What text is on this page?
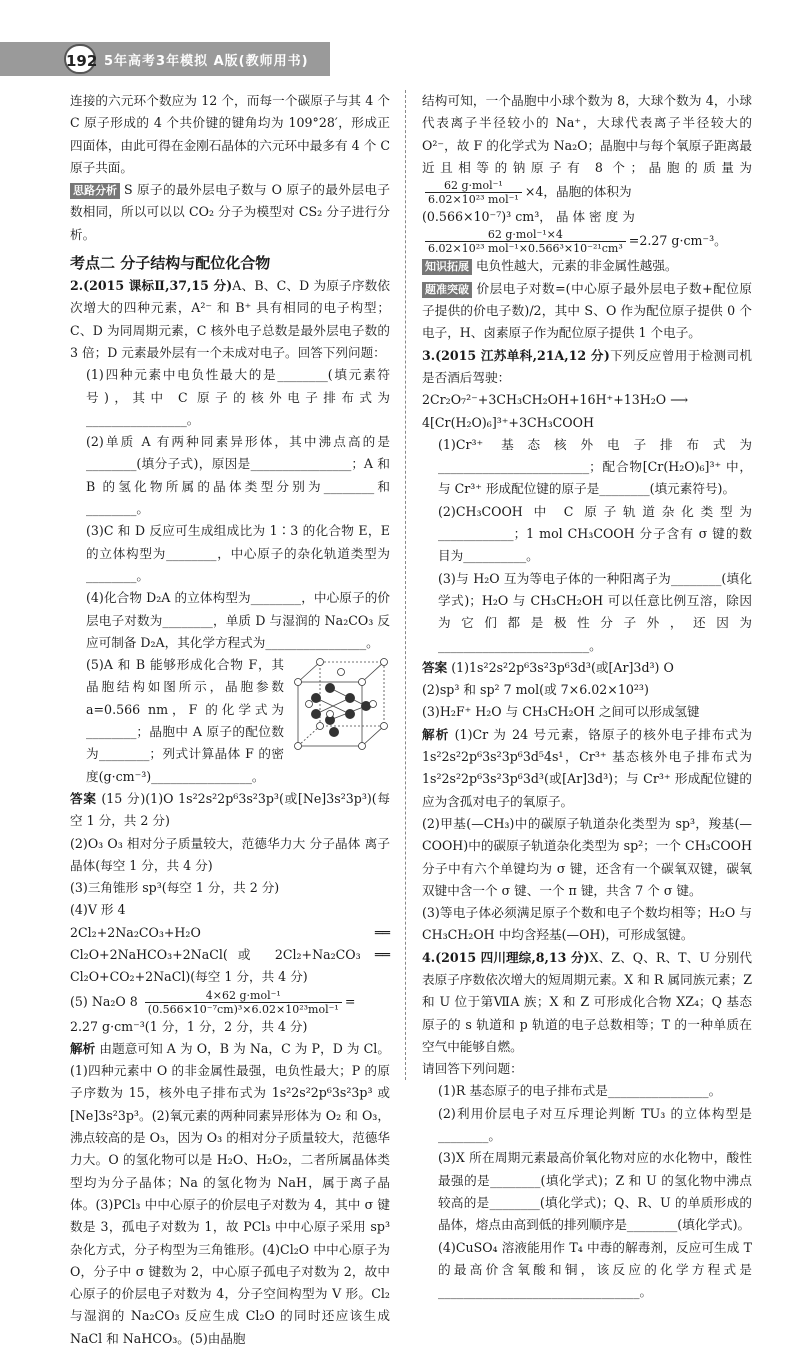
192 5年高考3年模拟 A版(教师用书)

连接的六元环个数应为 12 个，而每一个碳原子与其 4 个 C 原子形成的 4 个共价键的键角均为 109°28′，形成正四面体，由此可得在金刚石晶体的六元环中最多有 4 个 C 原子共面。

思路分析 S 原子的最外层电子数与 O 原子的最外层电子数相同，所以可以以 CO₂ 分子为模型对 CS₂ 分子进行分析。

考点二 分子结构与配位化合物

2.(2015 课标Ⅱ,37,15 分)A、B、C、D 为原子序数依次增大的四种元素，A²⁻ 和 B⁺ 具有相同的电子构型；C、D 为同周期元素，C 核外电子总数是最外层电子数的 3 倍；D 元素最外层有一个未成对电子。回答下列问题：

(1)四种元素中电负性最大的是________(填元素符号)，其中 C 原子的核外电子排布式为________________。

(2)单质 A 有两种同素异形体，其中沸点高的是________(填分子式)，原因是________________；A 和 B 的氢化物所属的晶体类型分别为________和________。

(3)C 和 D 反应可生成组成比为 1∶3 的化合物 E，E 的立体构型为________，中心原子的杂化轨道类型为________。

(4)化合物 D₂A 的立体构型为________，中心原子的价层电子对数为________，单质 D 与湿润的 Na₂CO₃ 反应可制备 D₂A，其化学方程式为________________。

(5)A 和 B 能够形成化合物 F，其晶胞结构如图所示，晶胞参数 a=0.566 nm，F 的化学式为________；晶胞中 A 原子的配位数为________；列式计算晶体 F 的密度(g·cm⁻³)________________。

答案 (15 分)(1)O 1s²2s²2p⁶3s²3p³(或[Ne]3s²3p³)(每空 1 分，共 2 分)

(2)O₃ O₃ 相对分子质量较大，范德华力大 分子晶体 离子晶体(每空 1 分，共 4 分)

(3)三角锥形 sp³(每空 1 分，共 2 分)

(4)V 形 4

2Cl₂+2Na₂CO₃+H₂O ══ Cl₂O+2NaHCO₃+2NaCl(或 2Cl₂+Na₂CO₃ ══ Cl₂O+CO₂+2NaCl)(每空 1 分，共 4 分)

(5) Na₂O $8 \frac{\text{4×62 g·mol⁻¹}}{\text{(0.566×10⁻⁷cm)³×6.02×10²³mol⁻¹}}$ =

2.27 g·cm⁻³(1 分，1 分，2 分，共 4 分)

解析 由题意可知 A 为 O，B 为 Na，C 为 P，D 为 Cl。(1)四种元素中 O 的非金属性最强，电负性最大；P 的原子序数为 15，核外电子排布式为 1s²2s²2p⁶3s²3p³ 或[Ne]3s²3p³。(2)氧元素的两种同素异形体为 O₂ 和 O₃，沸点较高的是 O₃，因为 O₃ 的相对分子质量较大，范德华力大。O 的氢化物可以是 H₂O、H₂O₂，二者所属晶体类型均为分子晶体；Na 的氢化物为 NaH，属于离子晶体。(3)PCl₃ 中中心原子的价层电子对数为 4，其中 σ 键数是 3，孤电子对数为 1，故 PCl₃ 中中心原子采用 sp³ 杂化方式，分子构型为三角锥形。(4)Cl₂O 中中心原子为 O，分子中 σ 键数为 2，中心原子孤电子对数为 2，故中心原子的价层电子对数为 4，分子空间构型为 V 形。Cl₂ 与湿润的 Na₂CO₃ 反应生成 Cl₂O 的同时还应该生成 NaCl 和 NaHCO₃。(5)由晶胞

结构可知，一个晶胞中小球个数为 8，大球个数为 4，小球代表离子半径较小的 Na⁺，大球代表离子半径较大的 O²⁻，故 F 的化学式为 Na₂O；晶胞中与每个氧原子距离最近且相等的钠原子有 8 个；晶胞的质量为
$\frac{\text{62 g·mol⁻¹}}{\text{6.02×10²³ mol⁻¹}} \times 4$，晶胞的体积为

(0.566×10⁻⁷)³ cm³， 晶 体 密 度 为

$\frac{\text{62 g·mol⁻¹×4}}{\text{6.02×10²³ mol⁻¹×0.566³×10⁻²¹cm³}} =2.27$ g·cm⁻³。

知识拓展 电负性越大，元素的非金属性越强。

题准突破 价层电子对数=(中心原子最外层电子数+配位原子提供的价电子数)/2，其中 S、O 作为配位原子提供 0 个电子，H、卤素原子作为配位原子提供 1 个电子。

3.(2015 江苏单科,21A,12 分)下列反应曾用于检测司机是否酒后驾驶：

2Cr₂O₇²⁻+3CH₃CH₂OH+16H⁺+13H₂O ⟶

4[Cr(H₂O)₆]³⁺+3CH₃COOH

(1)Cr³⁺ 基态核外电子排布式为________________________；配合物[Cr(H₂O)₆]³⁺ 中，与 Cr³⁺ 形成配位键的原子是________(填元素符号)。

(2)CH₃COOH 中 C 原子轨道杂化类型为____________；1 mol CH₃COOH 分子含有 σ 键的数目为__________。

(3)与 H₂O 互为等电子体的一种阳离子为________(填化学式)；H₂O 与 CH₃CH₂OH 可以任意比例互溶，除因为它们都是极性分子外，还因为________________________。

答案 (1)1s²2s²2p⁶3s²3p⁶3d³(或[Ar]3d³) O

(2)sp³ 和 sp² 7 mol(或 7×6.02×10²³)

(3)H₂F⁺ H₂O 与 CH₃CH₂OH 之间可以形成氢键

解析 (1)Cr 为 24 号元素，铬原子的核外电子排布式为 1s²2s²2p⁶3s²3p⁶3d⁵4s¹，Cr³⁺ 基态核外电子排布式为 1s²2s²2p⁶3s²3p⁶3d³(或[Ar]3d³)；与 Cr³⁺ 形成配位键的应为含孤对电子的氧原子。

(2)甲基(—CH₃)中的碳原子轨道杂化类型为 sp³，羧基(—COOH)中的碳原子轨道杂化类型为 sp²；一个 CH₃COOH 分子中有六个单键均为 σ 键，还含有一个碳氧双键，碳氧双键中含一个 σ 键、一个 π 键，共含 7 个 σ 键。

(3)等电子体必须满足原子个数和电子个数均相等；H₂O 与 CH₃CH₂OH 中均含羟基(—OH)，可形成氢键。

4.(2015 四川理综,8,13 分)X、Z、Q、R、T、U 分别代表原子序数依次增大的短周期元素。X 和 R 属同族元素；Z 和 U 位于第ⅦA 族；X 和 Z 可形成化合物 XZ₄；Q 基态原子的 s 轨道和 p 轨道的电子总数相等；T 的一种单质在空气中能够自燃。

请回答下列问题：

(1)R 基态原子的电子排布式是________________。

(2)利用价层电子对互斥理论判断 TU₃ 的立体构型是________。

(3)X 所在周期元素最高价氧化物对应的水化物中，酸性最强的是________(填化学式)；Z 和 U 的氢化物中沸点较高的是________(填化学式)；Q、R、U 的单质形成的晶体，熔点由高到低的排列顺序是________(填化学式)。

(4)CuSO₄ 溶液能用作 T₄ 中毒的解毒剂，反应可生成 T 的最高价含氧酸和铜，该反应的化学方程式是________________________________。
